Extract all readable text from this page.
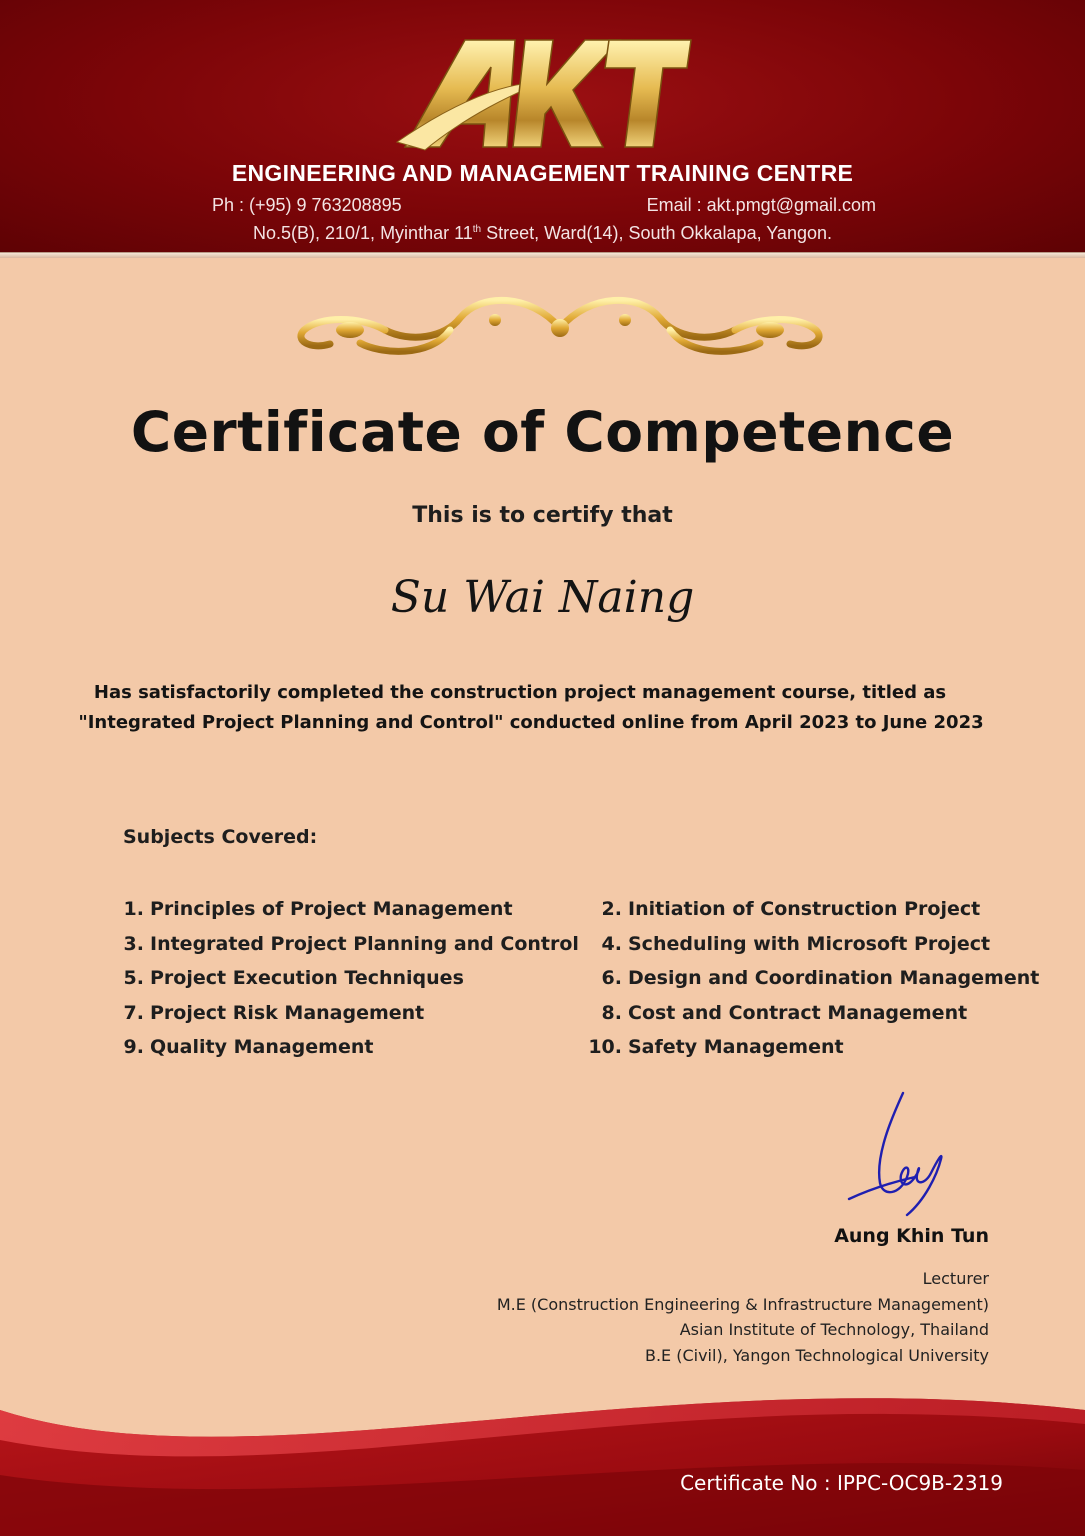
ENGINEERING AND MANAGEMENT TRAINING CENTRE
Ph : (+95) 9 763208895	Email : akt.pmgt@gmail.com
No.5(B), 210/1, Myinthar 11th Street, Ward(14), South Okkalapa, Yangon.
Certificate of Competence
This is to certify that
Su Wai Naing
Has satisfactorily completed the construction project management course, titled as
"Integrated Project Planning and Control" conducted online from April 2023 to June 2023
Subjects Covered:
1. Principles of Project Management
3. Integrated Project Planning and Control
5. Project Execution Techniques
7. Project Risk Management
9. Quality Management
2. Initiation of Construction Project
4. Scheduling with Microsoft Project
6. Design and Coordination Management
8. Cost and Contract Management
10. Safety Management
Aung Khin Tun
Lecturer
M.E (Construction Engineering & Infrastructure Management)
Asian Institute of Technology, Thailand
B.E (Civil), Yangon Technological University
Certificate No : IPPC-OC9B-2319
